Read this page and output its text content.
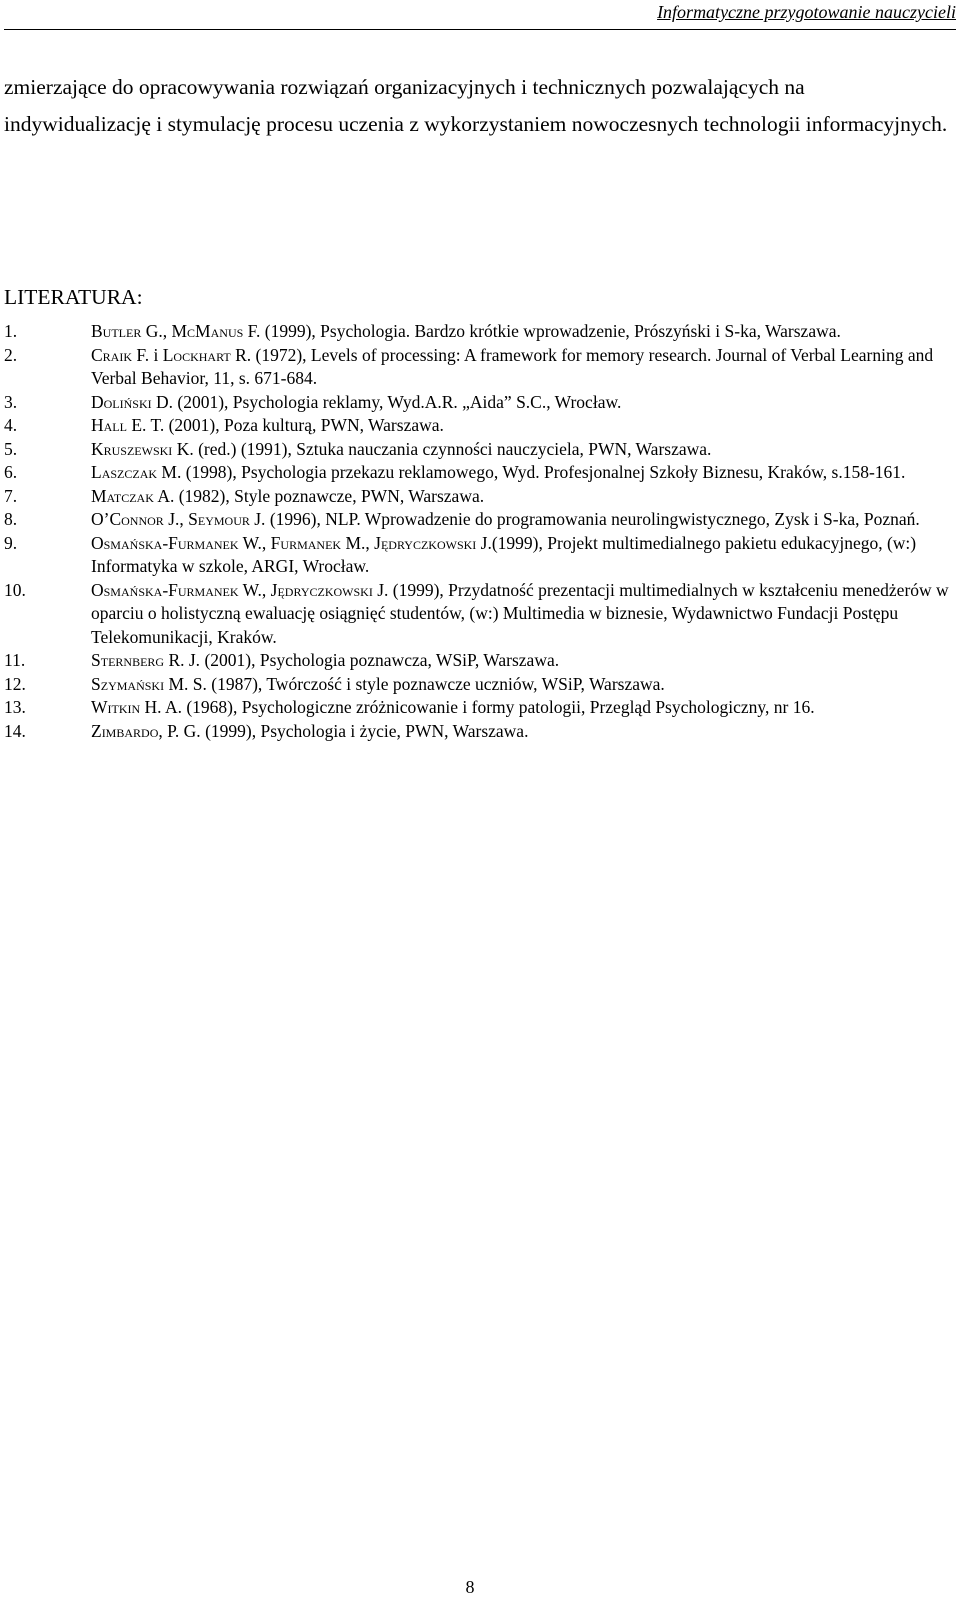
Informatyczne przygotowanie nauczycieli

zmierzające do opracowywania rozwiązań organizacyjnych i technicznych pozwalających na indywidualizację i stymulację procesu uczenia z wykorzystaniem nowoczesnych technologii informacyjnych.

LITERATURA:
1.	Butler G., McManus F. (1999), Psychologia. Bardzo krótkie wprowadzenie, Prószyński i S-ka, Warszawa.
2.	Craik F. i Lockhart R. (1972), Levels of processing: A framework for memory research. Journal of Verbal Learning and Verbal Behavior, 11, s. 671-684.
3.	Doliński D. (2001), Psychologia reklamy, Wyd.A.R. „Aida” S.C., Wrocław.
4.	Hall E. T. (2001), Poza kulturą, PWN, Warszawa.
5.	Kruszewski K. (red.) (1991), Sztuka nauczania czynności nauczyciela, PWN, Warszawa.
6.	Laszczak M. (1998), Psychologia przekazu reklamowego, Wyd. Profesjonalnej Szkoły Biznesu, Kraków, s.158-161.
7.	Matczak A. (1982), Style poznawcze, PWN, Warszawa.
8.	O’Connor J., Seymour J. (1996), NLP. Wprowadzenie do programowania neurolingwistycznego, Zysk i S-ka, Poznań.
9.	Osmańska-Furmanek W., Furmanek M., Jędryczkowski J.(1999), Projekt multimedialnego pakietu edukacyjnego, (w:) Informatyka w szkole, ARGI, Wrocław.
10.	Osmańska-Furmanek W., Jędryczkowski J. (1999), Przydatność prezentacji multimedialnych w kształceniu menedżerów w oparciu o holistyczną ewaluację osiągnięć studentów, (w:) Multimedia w biznesie, Wydawnictwo Fundacji Postępu Telekomunikacji, Kraków.
11.	Sternberg R. J. (2001), Psychologia poznawcza, WSiP, Warszawa.
12.	Szymański M. S. (1987), Twórczość i style poznawcze uczniów, WSiP, Warszawa.
13.	Witkin H. A. (1968), Psychologiczne zróżnicowanie i formy patologii, Przegląd Psychologiczny, nr 16.
14.	Zimbardo, P. G. (1999), Psychologia i życie, PWN, Warszawa.
8
